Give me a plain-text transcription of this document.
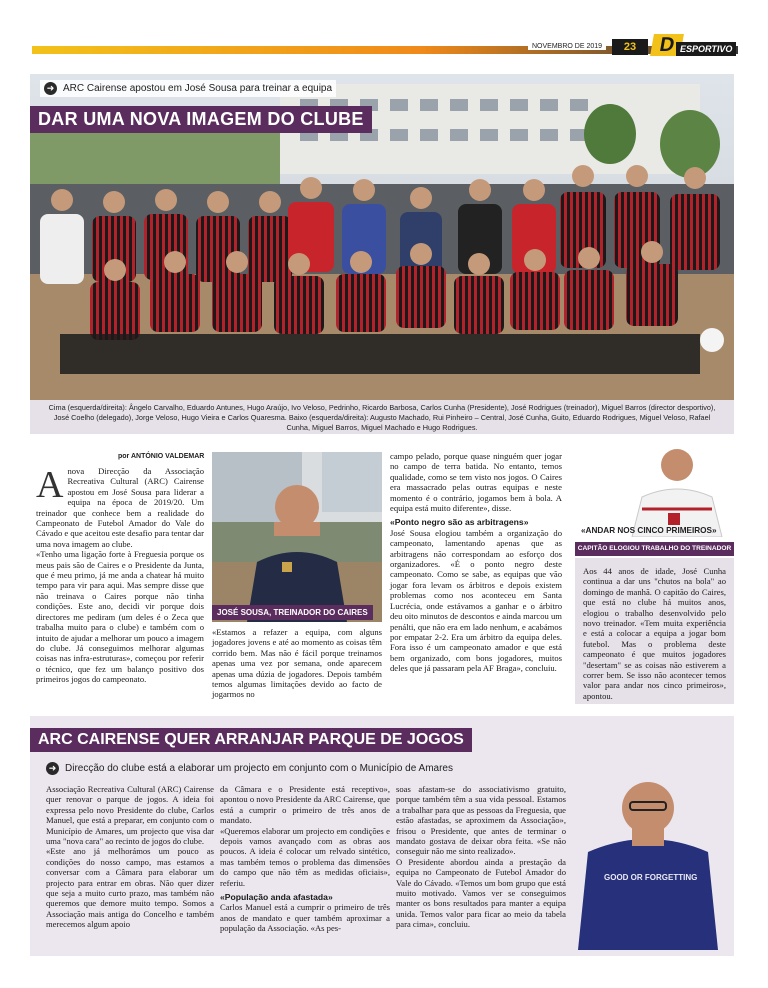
NOVEMBRO DE 2019	23	D ESPORTIVO
➜ ARC Cairense apostou em José Sousa para treinar a equipa
DAR UMA NOVA IMAGEM DO CLUBE
Cima (esquerda/direita): Ângelo Carvalho, Eduardo Antunes, Hugo Araújo, Ivo Veloso, Pedrinho, Ricardo Barbosa, Carlos Cunha (Presidente), José Rodrigues (treinador), Miguel Barros (director desportivo), José Coelho (delegado), Jorge Veloso, Hugo Vieira e Carlos Quaresma. Baixo (esquerda/direita): Augusto Machado, Rui Pinheiro – Central, José Cunha, Guito, Eduardo Rodrigues, Miguel Veloso, Rafael Cunha, Miguel Barros, Miguel Machado e Hugo Rodrigues.
por ANTÓNIO VALDEMAR
A nova Direcção da Associação Recreativa Cultural (ARC) Cairense apostou em José Sousa para liderar a equipa na época de 2019/20. Um treinador que conhece bem a realidade do Campeonato de Futebol Amador do Vale do Cávado e que aceitou este desafio para tentar dar uma nova imagem ao clube.

«Tenho uma ligação forte à Freguesia porque os meus pais são de Caires e o Presidente da Junta, que é meu primo, já me anda a chatear há muito tempo para vir para aqui. Mas sempre disse que não treinava o Caires porque não tinha condições. Este ano, decidi vir porque dois directores me pediram (um deles é o Zeca que trabalha muito para o clube) e também com o intuito de ajudar a melhorar um pouco a imagem do clube. Já conseguimos melhorar algumas coisas nas infra-estruturas», começou por referir o técnico, que fez um balanço positivo dos primeiros jogos do campeonato.

JOSÉ SOUSA, TREINADOR DO CAIRES

«Estamos a refazer a equipa, com alguns jogadores jovens e até ao momento as coisas têm corrido bem. Mas não é fácil porque treinamos apenas uma vez por semana, onde aparecem apenas uma dúzia de jogadores. Depois também temos algumas limitações devido ao facto de jogarmos no

campo pelado, porque quase ninguém quer jogar no campo de terra batida. No entanto, temos qualidade, como se tem visto nos jogos. O Caires era massacrado pelas outras equipas e neste momento é o contrário, jogamos bem à bola. A equipa está muito diferente», disse.

«Ponto negro são as arbitragens»

José Sousa elogiou também a organização do campeonato, lamentando apenas que as arbitragens não correspondam ao esforço dos organizadores. «É o ponto negro deste campeonato. Como se sabe, as equipas que vão jogar fora levam os árbitros e depois existem problemas como nos aconteceu em Santa Lucrécia, onde estávamos a ganhar e o árbitro deu oito minutos de descontos e ainda marcou um penálti, que não era em lado nenhum, e acabámos por empatar 2-2. Era um árbitro da equipa deles. Fora isso é um campeonato amador e que está bem organizado, com bons jogadores, muitos deles que já passaram pela AF Braga», concluiu.

«ANDAR NOS CINCO PRIMEIROS»
CAPITÃO ELOGIOU TRABALHO DO TREINADOR
Aos 44 anos de idade, José Cunha continua a dar uns "chutos na bola" ao domingo de manhã. O capitão do Caires, que está no clube há muitos anos, elogiou o trabalho desenvolvido pelo novo treinador. «Tem muita experiência e está a colocar a equipa a jogar bom futebol. Mas o problema deste campeonato é que muitos jogadores "desertam" se as coisas não estiverem a correr bem. Se isso não acontecer temos valor para andar nos cinco primeiros», apontou.
ARC CAIRENSE QUER ARRANJAR PARQUE DE JOGOS
➜ Direcção do clube está a elaborar um projecto em conjunto com o Município de Amares

Associação Recreativa Cultural (ARC) Cairense quer renovar o parque de jogos. A ideia foi expressa pelo novo Presidente do clube, Carlos Manuel, que está a preparar, em conjunto com o Município de Amares, um projecto que visa dar uma "nova cara" ao recinto de jogos do clube.
«Este ano já melhorámos um pouco as condições do nosso campo, mas estamos a conversar com a Câmara para elaborar um projecto para entrar em obras. Não quer dizer que seja a muito curto prazo, mas também não queremos que demore muito tempo. Somos a Associação mais antiga do Concelho e também merecemos algum apoio

da Câmara e o Presidente está receptivo», apontou o novo Presidente da ARC Cairense, que está a cumprir o primeiro de três anos de mandato.
«Queremos elaborar um projecto em condições e depois vamos avançado com as obras aos poucos. A ideia é colocar um relvado sintético, mas também temos o problema das dimensões do campo que não têm as medidas oficiais», referiu.

«População anda afastada»

Carlos Manuel está a cumprir o primeiro de três anos de mandato e quer também aproximar a população da Associação. «As pes-

soas afastam-se do associativismo gratuito, porque também têm a sua vida pessoal. Estamos a trabalhar para que as pessoas da Freguesia, que estão afastadas, se aproximem da Associação», frisou o Presidente, que antes de terminar o mandato gostava de deixar obra feita. «Se não conseguir não me sinto realizado».
O Presidente abordou ainda a prestação da equipa no Campeonato de Futebol Amador do Vale do Cávado. «Temos um bom grupo que está muito motivado. Vamos ver se conseguimos manter os bons resultados para manter a equipa unida. Temos valor para ficar ao meio da tabela para cima», concluiu.

GOOD OR FORGETTING
